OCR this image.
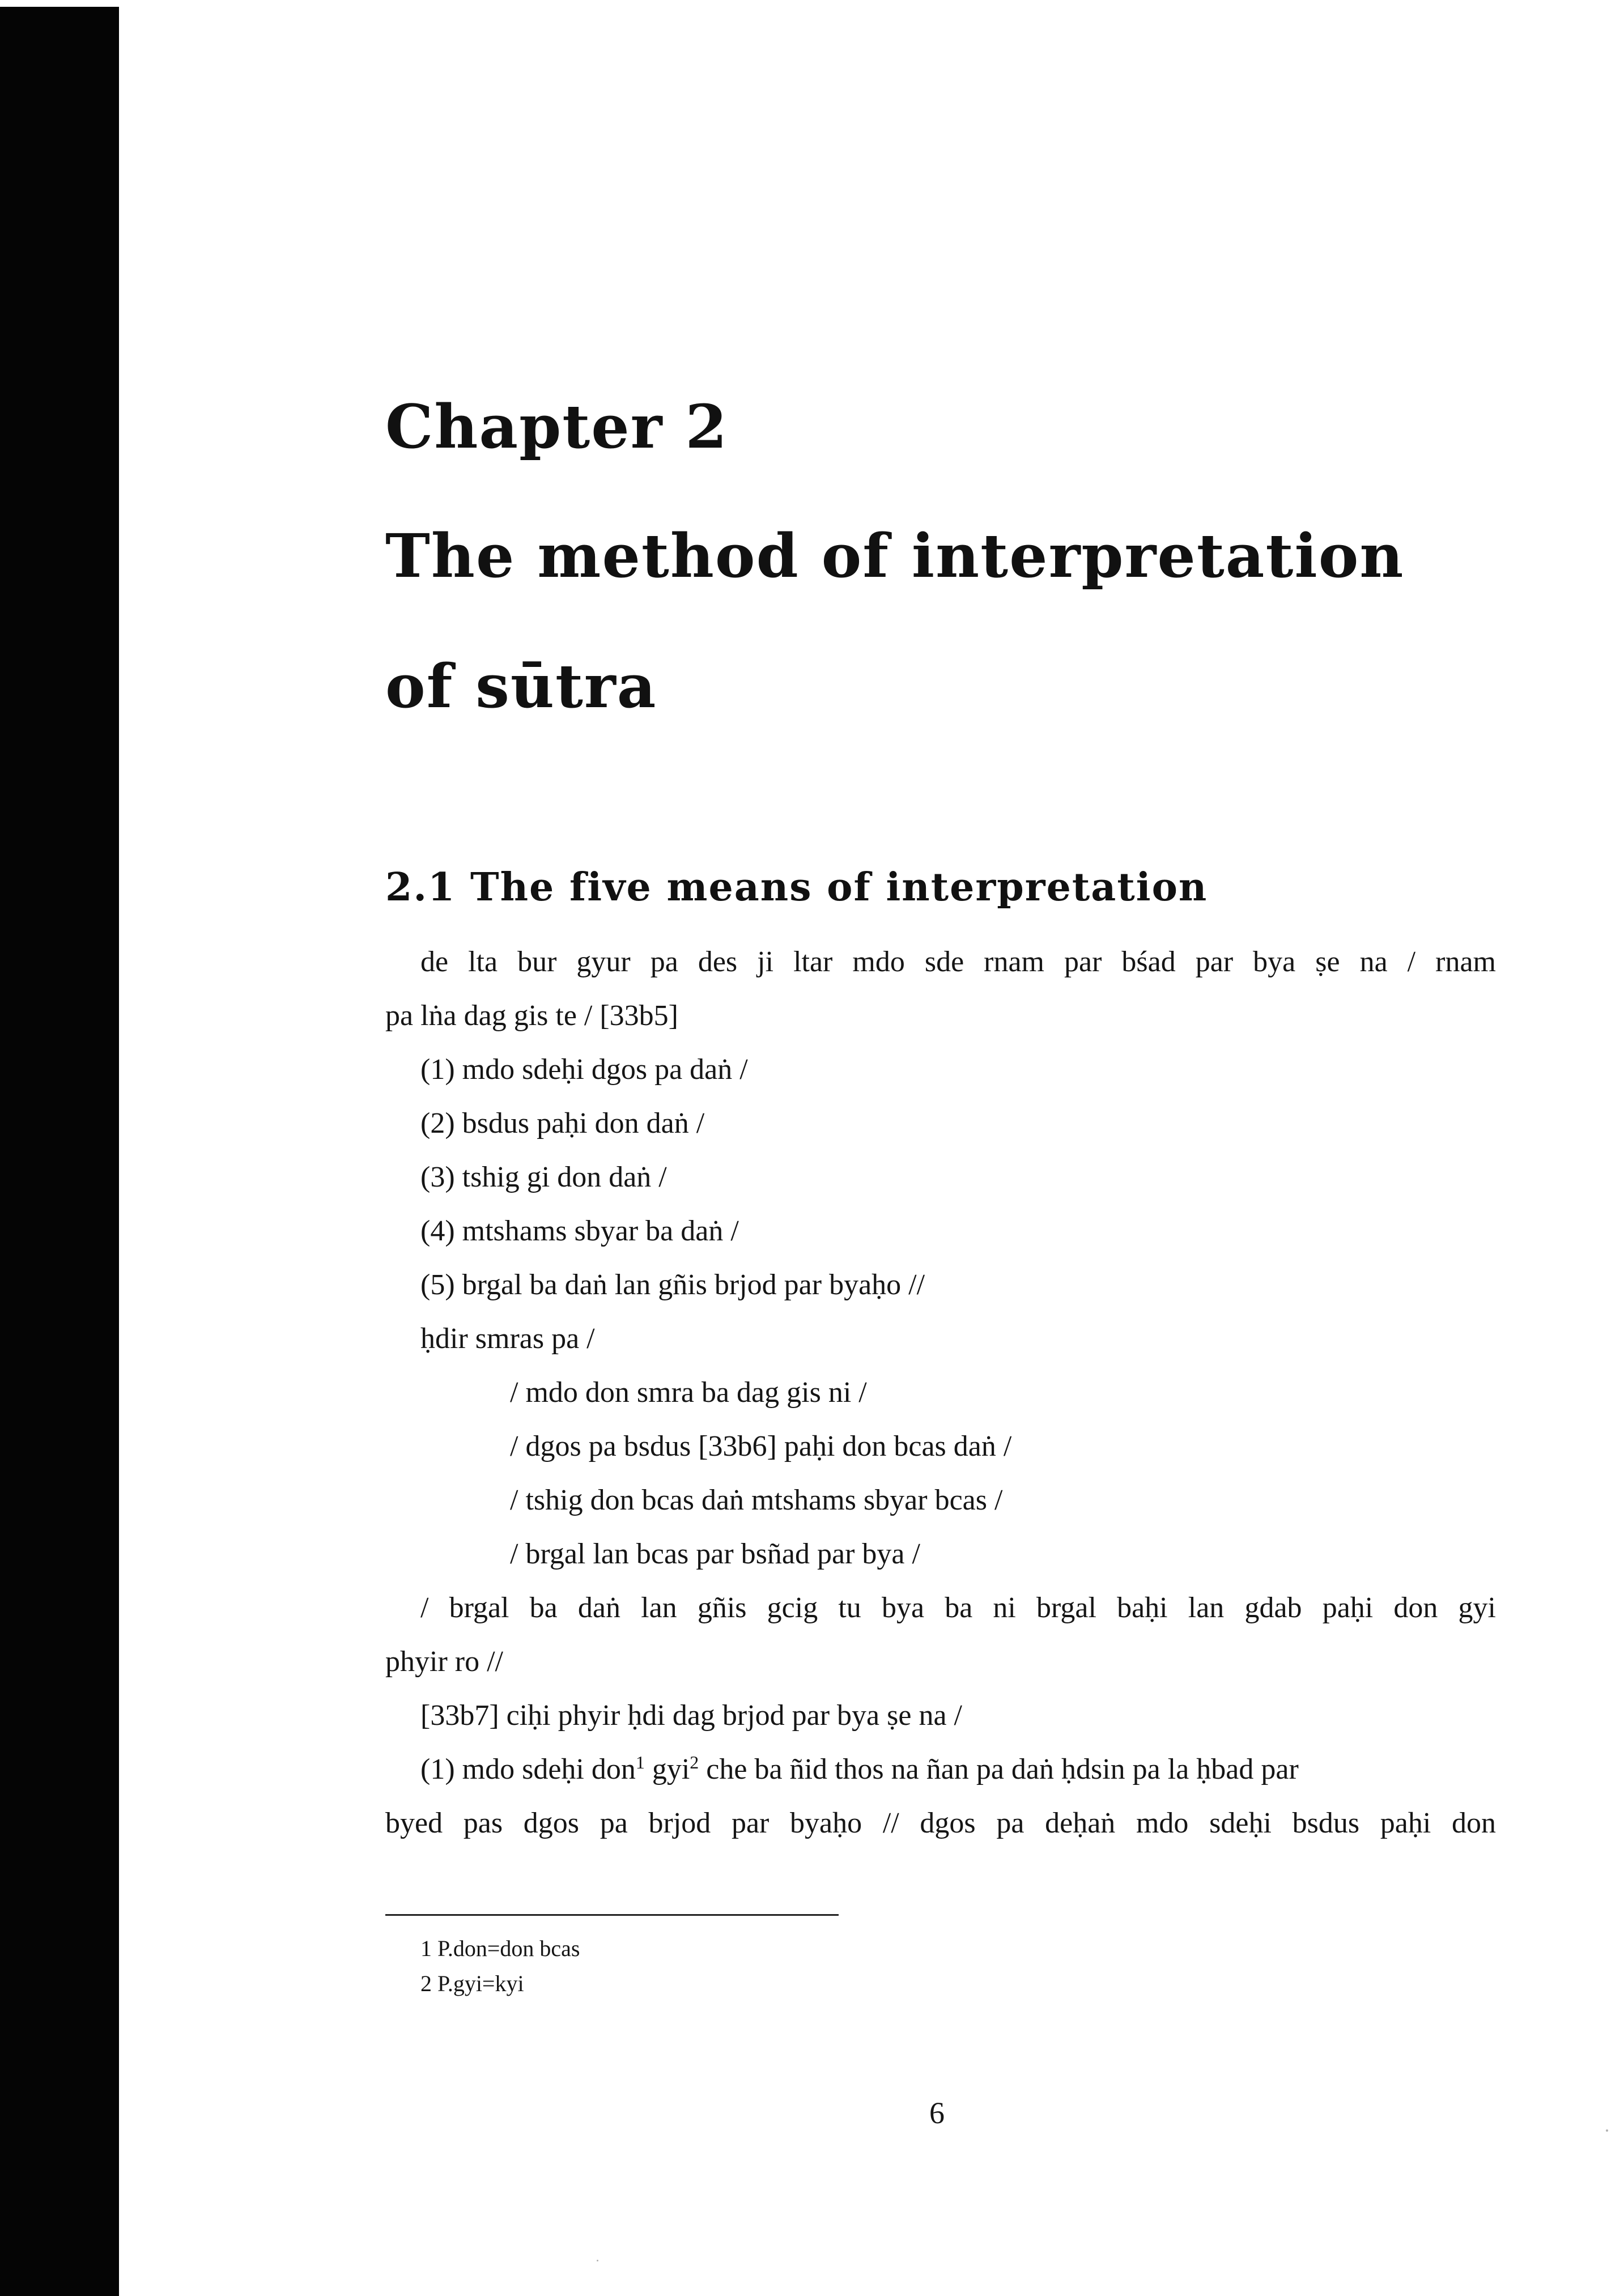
Chapter 2
The method of interpretation
of sūtra
2.1 The five means of interpretation
de lta bur gyur pa des ji ltar mdo sde rnam par bśad par bya ṣe na / rnam
pa lṅa dag gis te / [33b5]
(1) mdo sdeḥi dgos pa daṅ /
(2) bsdus paḥi don daṅ /
(3) tshig gi don daṅ /
(4) mtshams sbyar ba daṅ /
(5) brgal ba daṅ lan gñis brjod par byaḥo //
ḥdir smras pa /
/ mdo don smra ba dag gis ni /
/ dgos pa bsdus [33b6] paḥi don bcas daṅ /
/ tshig don bcas daṅ mtshams sbyar bcas /
/ brgal lan bcas par bsñad par bya /
/ brgal ba daṅ lan gñis gcig tu bya ba ni brgal baḥi lan gdab paḥi don gyi
phyir ro //
[33b7] ciḥi phyir ḥdi dag brjod par bya ṣe na /
(1) mdo sdeḥi don$^1$ gyi$^2$ che ba ñid thos na ñan pa daṅ ḥdsin pa la ḥbad par
byed pas dgos pa brjod par byaḥo // dgos pa deḥaṅ mdo sdeḥi bsdus paḥi don
1 P.don=don bcas
2 P.gyi=kyi
6
